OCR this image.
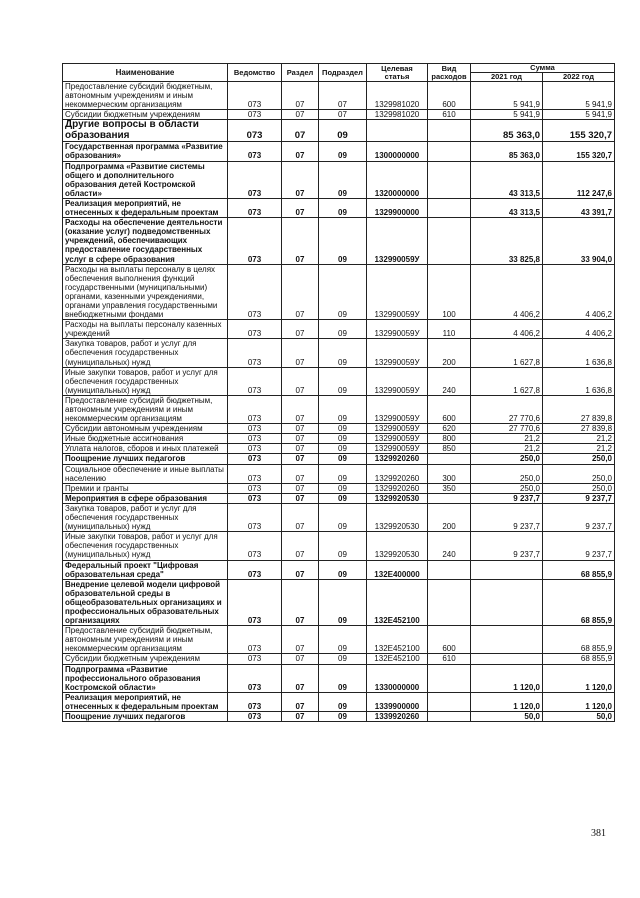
Наименование	Ведомство	Раздел	Подраздел	Целевая статья	Вид расходов	Сумма	
						2021 год	2022 год
Предоставление субсидий бюджетным, автономным учреждениям и иным некоммерческим организациям	073	07	07	1329981020	600	5 941,9	5 941,9
Субсидии бюджетным учреждениям	073	07	07	1329981020	610	5 941,9	5 941,9
Другие вопросы в области образования	073	07	09			85 363,0	155 320,7
Государственная программа «Развитие образования»	073	07	09	1300000000		85 363,0	155 320,7
Подпрограмма «Развитие системы общего и дополнительного образования детей Костромской области»	073	07	09	1320000000		43 313,5	112 247,6
Реализация мероприятий, не отнесенных к федеральным проектам	073	07	09	1329900000		43 313,5	43 391,7
Расходы на обеспечение деятельности (оказание услуг) подведомственных учреждений, обеспечивающих предоставление государственных услуг в сфере образования	073	07	09	132990059У		33 825,8	33 904,0
Расходы на выплаты персоналу в целях обеспечения выполнения функций государственными (муниципальными) органами, казенными учреждениями, органами управления государственными внебюджетными фондами	073	07	09	132990059У	100	4 406,2	4 406,2
Расходы на выплаты персоналу казенных учреждений	073	07	09	132990059У	110	4 406,2	4 406,2
Закупка товаров, работ и услуг для обеспечения государственных (муниципальных) нужд	073	07	09	132990059У	200	1 627,8	1 636,8
Иные закупки товаров, работ и услуг для обеспечения государственных (муниципальных) нужд	073	07	09	132990059У	240	1 627,8	1 636,8
Предоставление субсидий бюджетным, автономным учреждениям и иным некоммерческим организациям	073	07	09	132990059У	600	27 770,6	27 839,8
Субсидии автономным учреждениям	073	07	09	132990059У	620	27 770,6	27 839,8
Иные бюджетные ассигнования	073	07	09	132990059У	800	21,2	21,2
Уплата налогов, сборов и иных платежей	073	07	09	132990059У	850	21,2	21,2
Поощрение лучших педагогов	073	07	09	1329920260		250,0	250,0
Социальное обеспечение и иные выплаты населению	073	07	09	1329920260	300	250,0	250,0
Премии и гранты	073	07	09	1329920260	350	250,0	250,0
Мероприятия в сфере образования	073	07	09	1329920530		9 237,7	9 237,7
Закупка товаров, работ и услуг для обеспечения государственных (муниципальных) нужд	073	07	09	1329920530	200	9 237,7	9 237,7
Иные закупки товаров, работ и услуг для обеспечения государственных (муниципальных) нужд	073	07	09	1329920530	240	9 237,7	9 237,7
Федеральный проект "Цифровая образовательная среда"	073	07	09	132E400000			68 855,9
Внедрение целевой модели цифровой образовательной среды в общеобразовательных организациях и профессиональных образовательных организациях	073	07	09	132E452100			68 855,9
Предоставление субсидий бюджетным, автономным учреждениям и иным некоммерческим организациям	073	07	09	132E452100	600		68 855,9
Субсидии бюджетным учреждениям	073	07	09	132E452100	610		68 855,9
Подпрограмма «Развитие профессионального образования Костромской области»	073	07	09	1330000000		1 120,0	1 120,0
Реализация мероприятий, не отнесенных к федеральным проектам	073	07	09	1339900000		1 120,0	1 120,0
Поощрение лучших педагогов	073	07	09	1339920260		50,0	50,0
381
